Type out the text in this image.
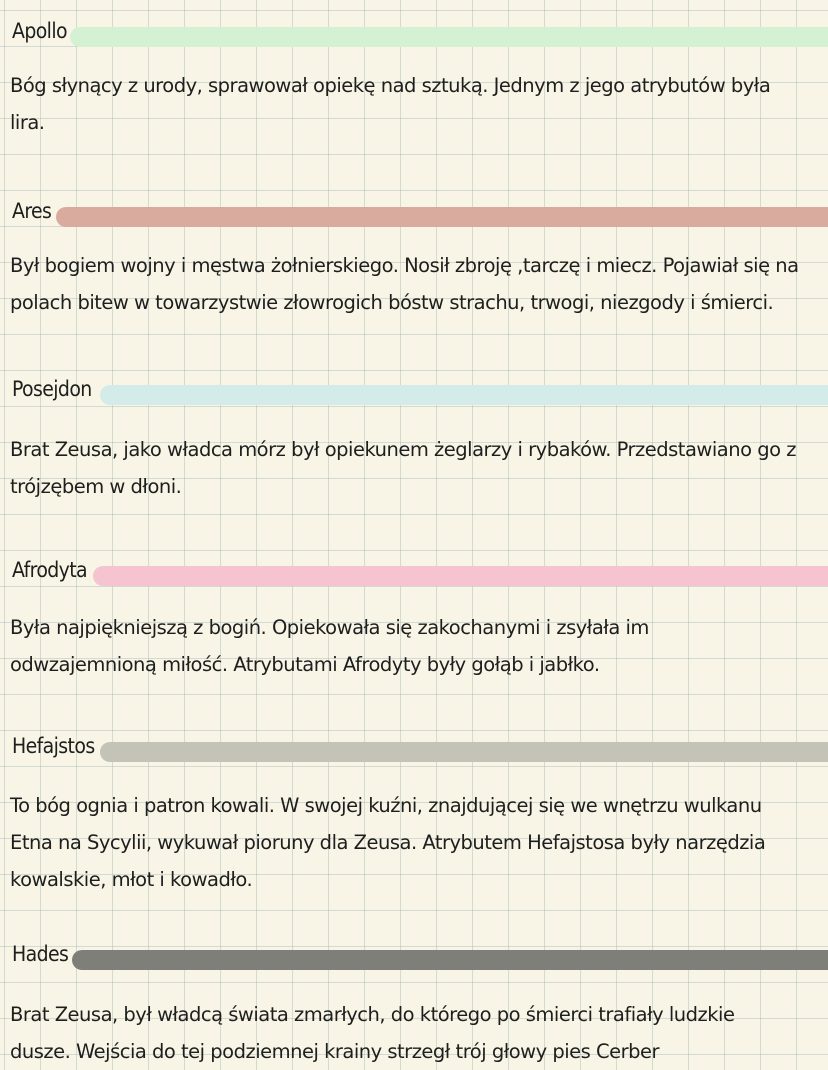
Apollo
Bóg słynący z urody, sprawował opiekę nad sztuką. Jednym z jego atrybutów była lira.
Ares
Był bogiem wojny i męstwa żołnierskiego. Nosił zbroję ,tarczę i miecz. Pojawiał się na polach bitew w towarzystwie złowrogich bóstw strachu, trwogi, niezgody i śmierci.
Posejdon
Brat Zeusa, jako władca mórz był opiekunem żeglarzy i rybaków. Przedstawiano go z trójzębem w dłoni.
Afrodyta
Była najpiękniejszą z bogiń. Opiekowała się zakochanymi i zsyłała im odwzajemnioną miłość. Atrybutami Afrodyty były gołąb i jabłko.
Hefajstos
To bóg ognia i patron kowali. W swojej kuźni, znajdującej się we wnętrzu wulkanu Etna na Sycylii, wykuwał pioruny dla Zeusa. Atrybutem Hefajstosa były narzędzia kowalskie, młot i kowadło.
Hades
Brat Zeusa, był władcą świata zmarłych, do którego po śmierci trafiały ludzkie dusze. Wejścia do tej podziemnej krainy strzegł trój głowy pies Cerber
